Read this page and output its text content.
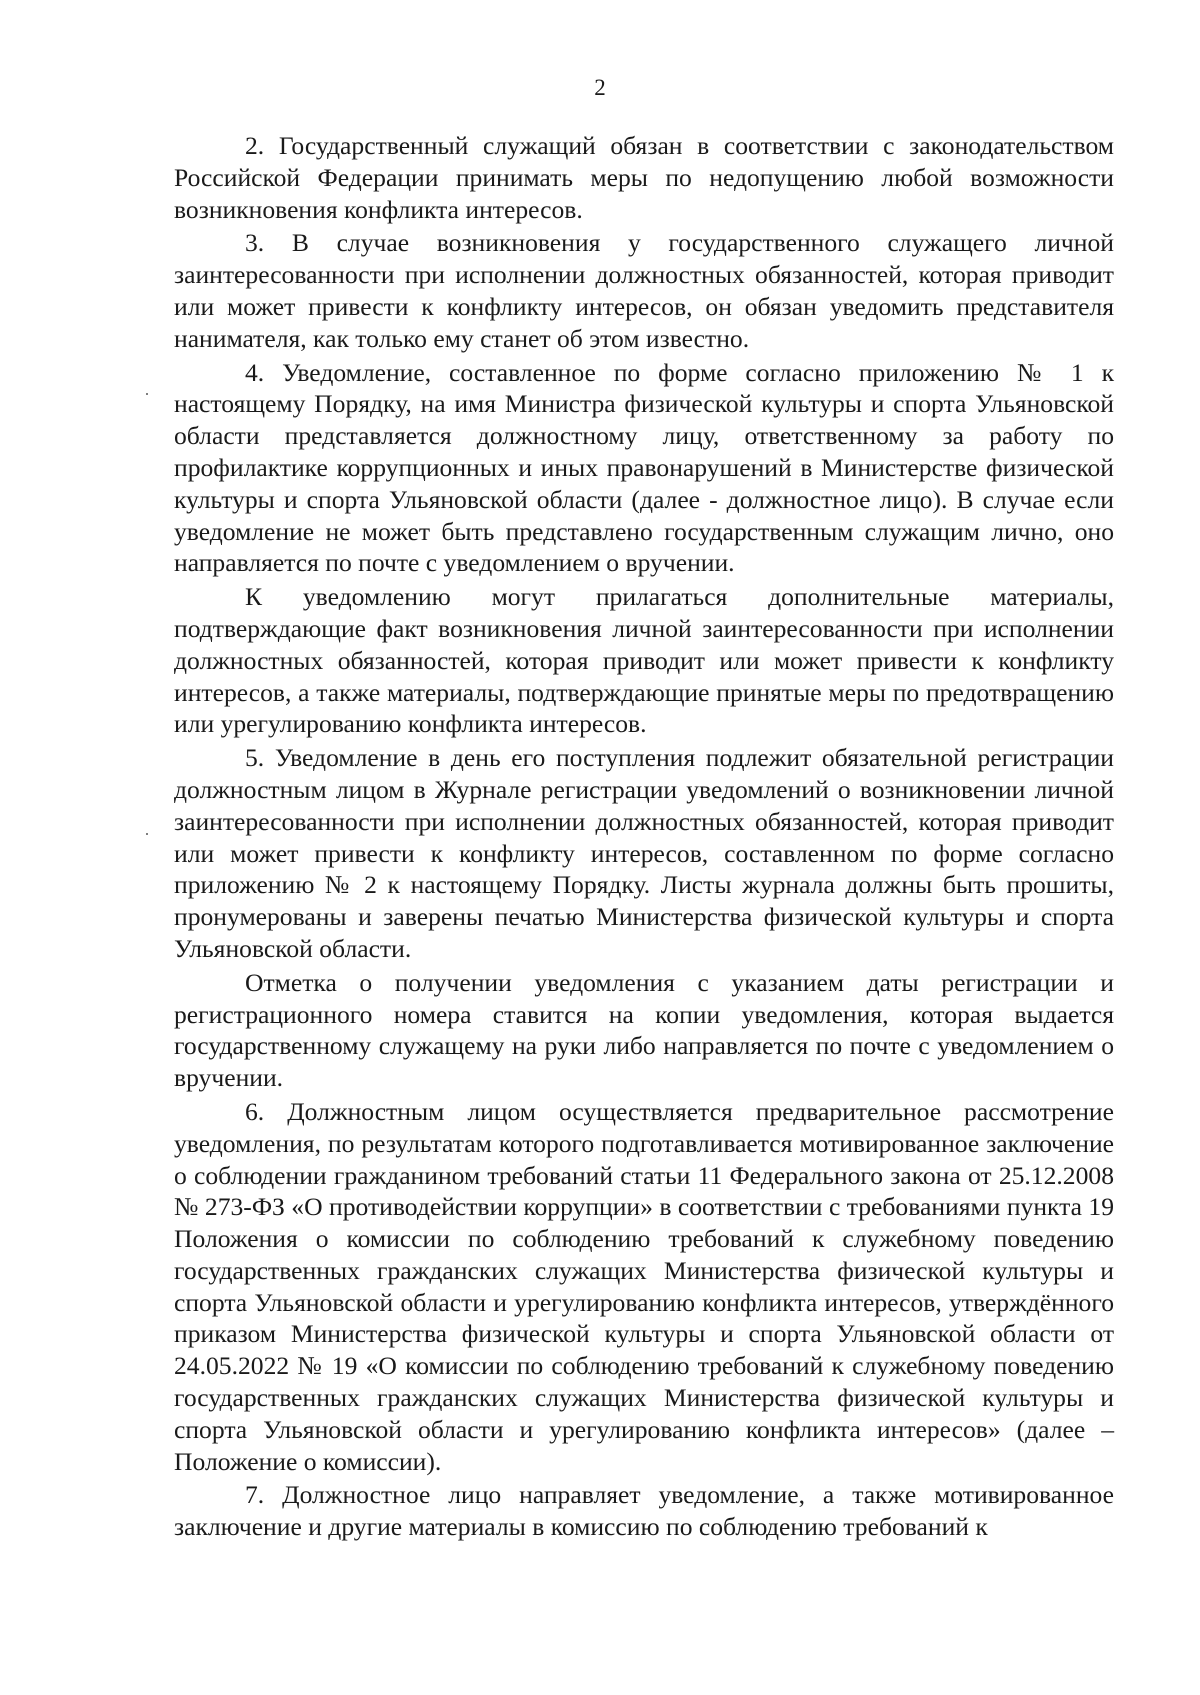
2

2. Государственный служащий обязан в соответствии с законодательством Российской Федерации принимать меры по недопущению любой возможности возникновения конфликта интересов.

3. В случае возникновения у государственного служащего личной заинтересованности при исполнении должностных обязанностей, которая приводит или может привести к конфликту интересов, он обязан уведомить представителя нанимателя, как только ему станет об этом известно.

4. Уведомление, составленное по форме согласно приложению № 1 к настоящему Порядку, на имя Министра физической культуры и спорта Ульяновской области представляется должностному лицу, ответственному за работу по профилактике коррупционных и иных правонарушений в Министерстве физической культуры и спорта Ульяновской области (далее - должностное лицо). В случае если уведомление не может быть представлено государственным служащим лично, оно направляется по почте с уведомлением о вручении.

К уведомлению могут прилагаться дополнительные материалы, подтверждающие факт возникновения личной заинтересованности при исполнении должностных обязанностей, которая приводит или может привести к конфликту интересов, а также материалы, подтверждающие принятые меры по предотвращению или урегулированию конфликта интересов.

5. Уведомление в день его поступления подлежит обязательной регистрации должностным лицом в Журнале регистрации уведомлений о возникновении личной заинтересованности при исполнении должностных обязанностей, которая приводит или может привести к конфликту интересов, составленном по форме согласно приложению № 2 к настоящему Порядку. Листы журнала должны быть прошиты, пронумерованы и заверены печатью Министерства физической культуры и спорта Ульяновской области.

Отметка о получении уведомления с указанием даты регистрации и регистрационного номера ставится на копии уведомления, которая выдается государственному служащему на руки либо направляется по почте с уведомлением о вручении.

6. Должностным лицом осуществляется предварительное рассмотрение уведомления, по результатам которого подготавливается мотивированное заключение о соблюдении гражданином требований статьи 11 Федерального закона от 25.12.2008 № 273-ФЗ «О противодействии коррупции» в соответствии с требованиями пункта 19 Положения о комиссии по соблюдению требований к служебному поведению государственных гражданских служащих Министерства физической культуры и спорта Ульяновской области и урегулированию конфликта интересов, утверждённого приказом Министерства физической культуры и спорта Ульяновской области от 24.05.2022 № 19 «О комиссии по соблюдению требований к служебному поведению государственных гражданских служащих Министерства физической культуры и спорта Ульяновской области и урегулированию конфликта интересов» (далее – Положение о комиссии).

7. Должностное лицо направляет уведомление, а также мотивированное заключение и другие материалы в комиссию по соблюдению требований к
